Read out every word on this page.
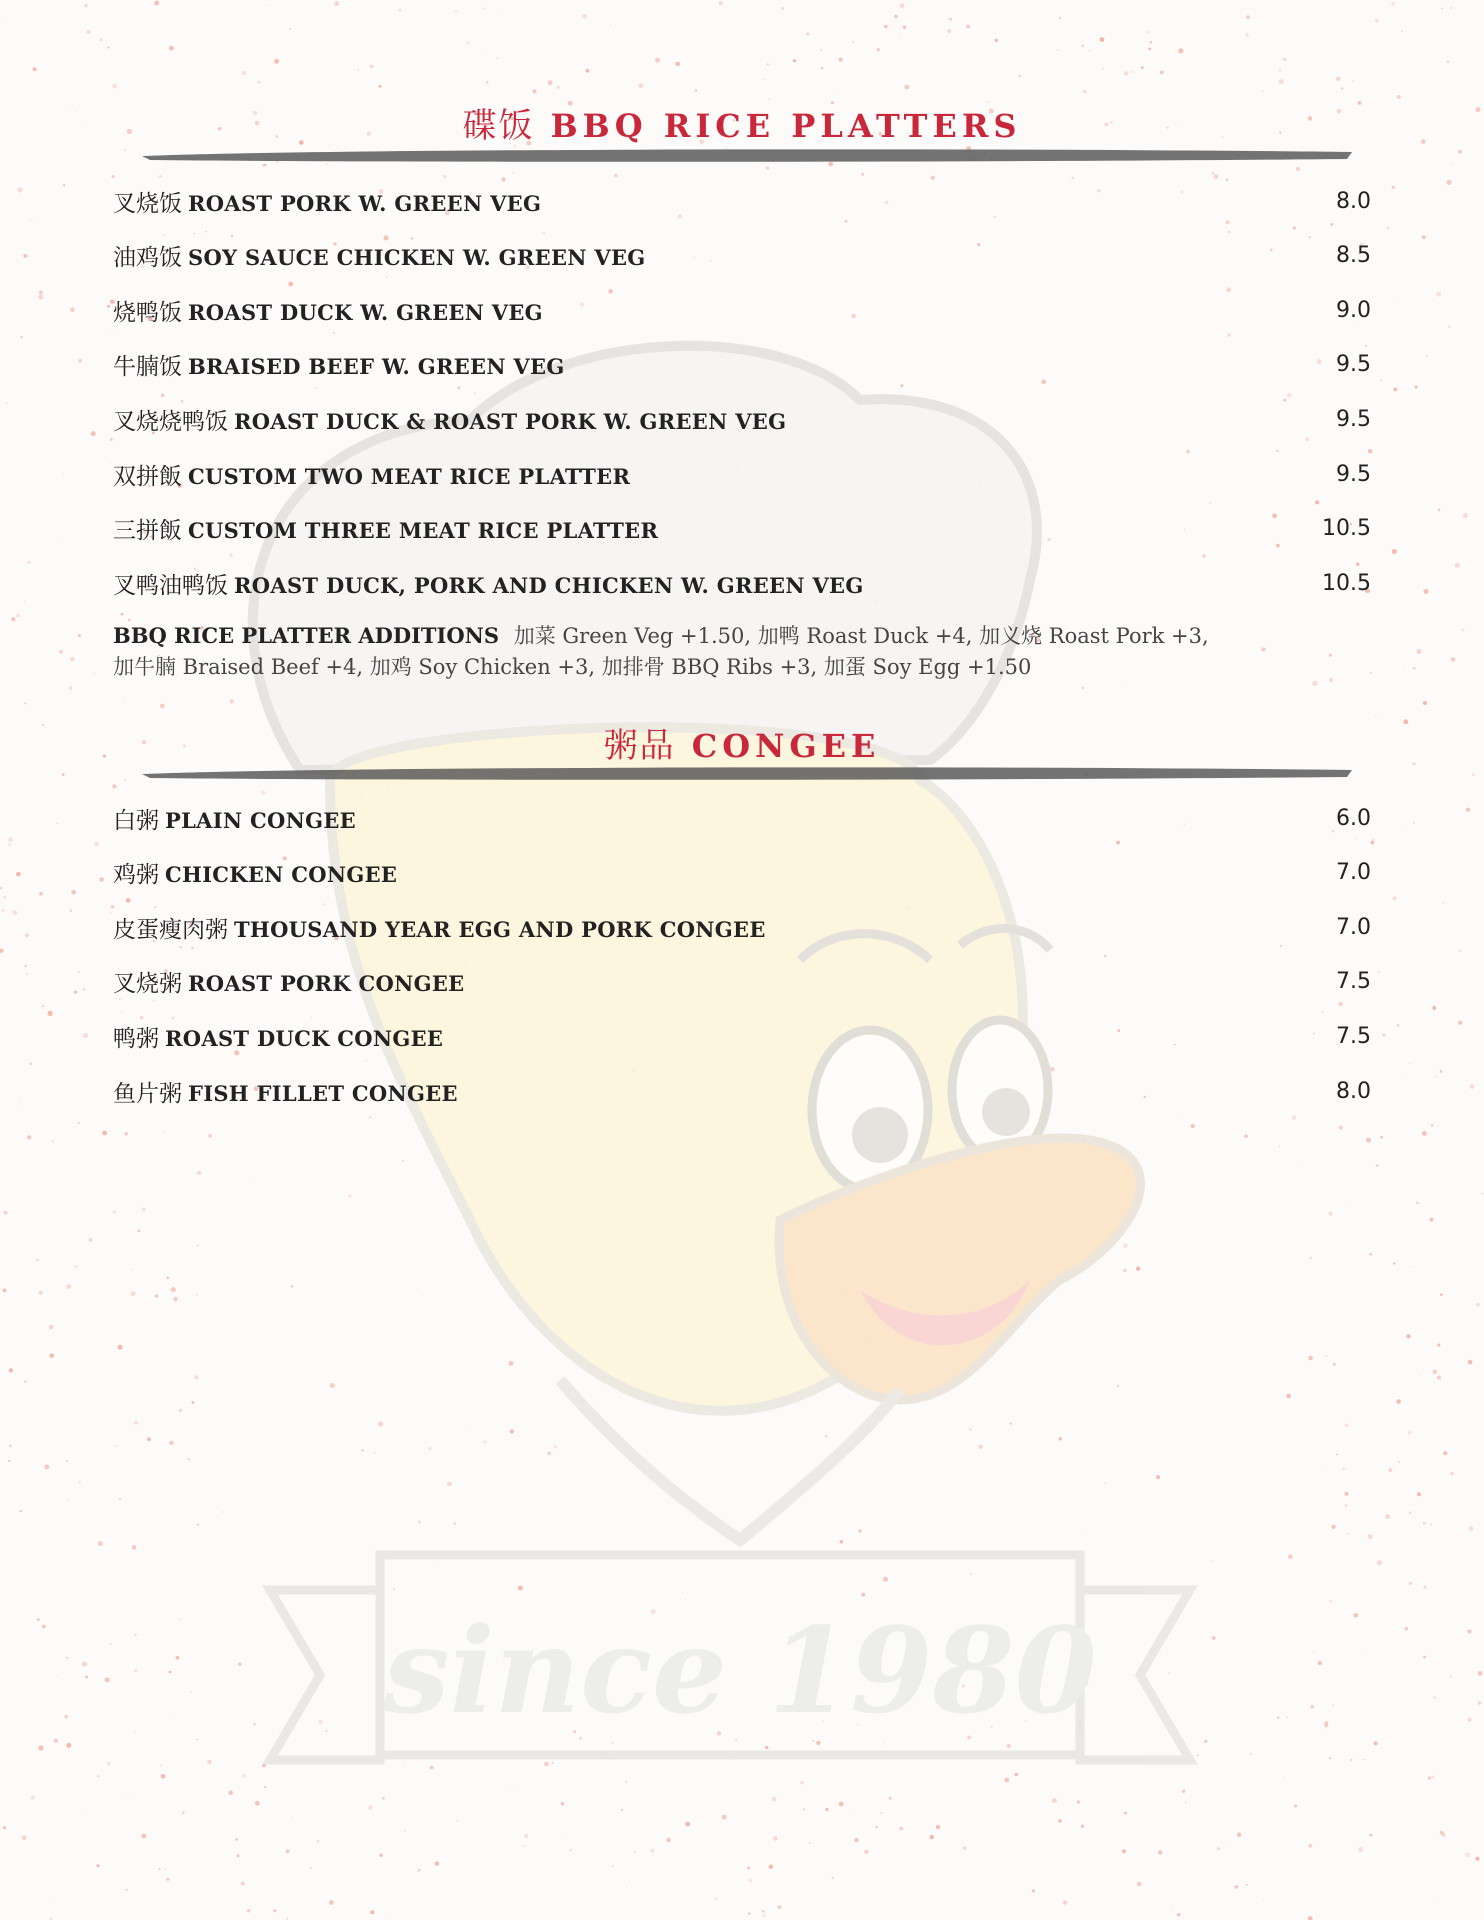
since 1980
碟饭 BBQ RICE PLATTERS
叉烧饭 ROAST PORK W. GREEN VEG	8.0
油鸡饭 SOY SAUCE CHICKEN W. GREEN VEG	8.5
烧鸭饭 ROAST DUCK W. GREEN VEG	9.0
牛腩饭 BRAISED BEEF W. GREEN VEG	9.5
叉烧烧鸭饭 ROAST DUCK & ROAST PORK W. GREEN VEG	9.5
双拼飯 CUSTOM TWO MEAT RICE PLATTER	9.5
三拼飯 CUSTOM THREE MEAT RICE PLATTER	10.5
叉鸭油鸭饭 ROAST DUCK, PORK AND CHICKEN W. GREEN VEG	10.5
BBQ RICE PLATTER ADDITIONS 加菜 Green Veg +1.50, 加鸭 Roast Duck +4, 加义烧 Roast Pork +3,
加牛腩 Braised Beef +4, 加鸡 Soy Chicken +3, 加排骨 BBQ Ribs +3, 加蛋 Soy Egg +1.50
粥品 CONGEE
白粥 PLAIN CONGEE	6.0
鸡粥 CHICKEN CONGEE	7.0
皮蛋瘦肉粥 THOUSAND YEAR EGG AND PORK CONGEE	7.0
叉烧粥 ROAST PORK CONGEE	7.5
鸭粥 ROAST DUCK CONGEE	7.5
鱼片粥 FISH FILLET CONGEE	8.0
